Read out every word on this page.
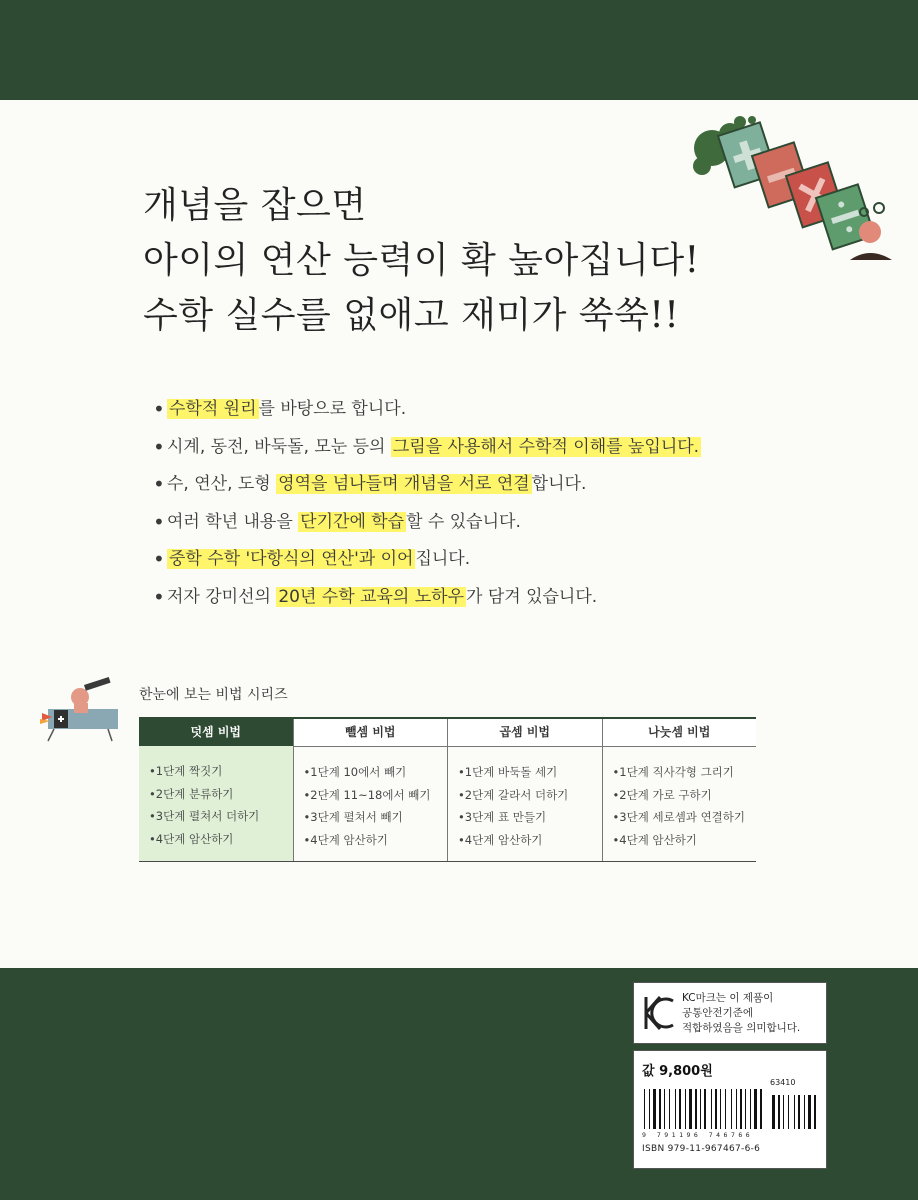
개념을 잡으면
아이의 연산 능력이 확 높아집니다!
수학 실수를 없애고 재미가 쑥쑥!!
• 수학적 원리 를 바탕으로 합니다.
• 시계, 동전, 바둑돌, 모눈 등의 그림을 사용해서 수학적 이해를 높입니다.
• 수, 연산, 도형 영역을 넘나들며 개념을 서로 연결 합니다.
• 여러 학년 내용을 단기간에 학습 할 수 있습니다.
• 중학 수학 '다항식의 연산'과 이어 집니다.
• 저자 강미선의 20년 수학 교육의 노하우 가 담겨 있습니다.
한눈에 보는 비법 시리즈
덧셈 비법
•1단계 짝짓기
•2단계 분류하기
•3단계 펼쳐서 더하기
•4단계 암산하기
뺄셈 비법
•1단계 10에서 빼기
•2단계 11~18에서 빼기
•3단계 펼쳐서 빼기
•4단계 암산하기
곱셈 비법
•1단계 바둑돌 세기
•2단계 갈라서 더하기
•3단계 표 만들기
•4단계 암산하기
나눗셈 비법
•1단계 직사각형 그리기
•2단계 가로 구하기
•3단계 세로셈과 연결하기
•4단계 암산하기
KC마크는 이 제품이
공통안전기준에
적합하였음을 의미합니다.
값 9,800원
63410
9 791196 746766
ISBN 979-11-967467-6-6
